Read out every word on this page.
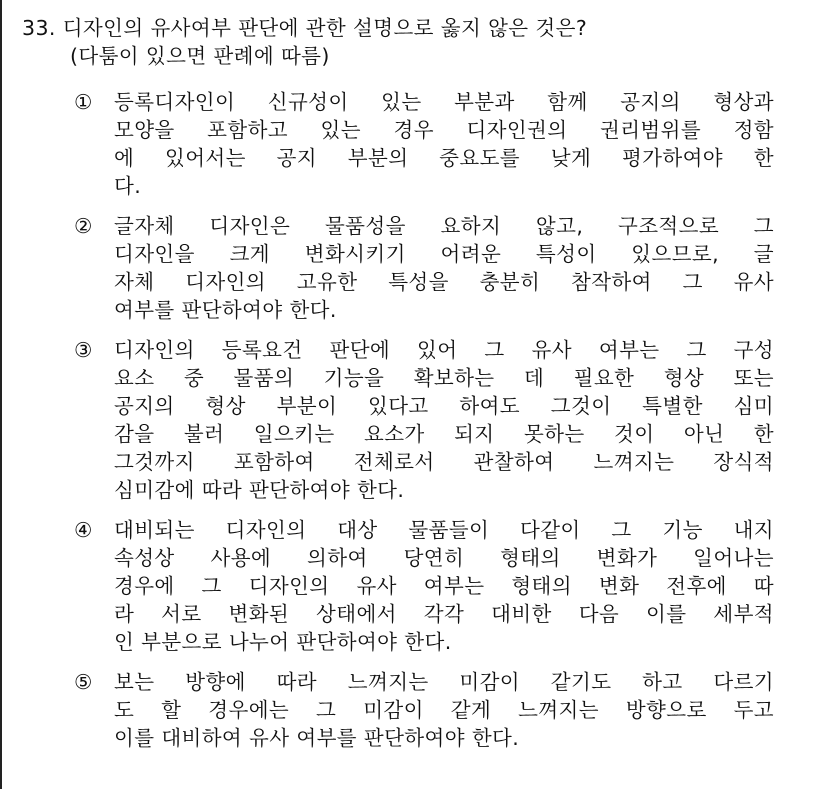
33. 디자인의 유사여부 판단에 관한 설명으로 옳지 않은 것은?
(다툼이 있으면 판례에 따름)
①	등록디자인이 신규성이 있는 부분과 함께 공지의 형상과
모양을 포함하고 있는 경우 디자인권의 권리범위를 정함
에 있어서는 공지 부분의 중요도를 낮게 평가하여야 한
다.
②	글자체 디자인은 물품성을 요하지 않고, 구조적으로 그
디자인을 크게 변화시키기 어려운 특성이 있으므로, 글
자체 디자인의 고유한 특성을 충분히 참작하여 그 유사
여부를 판단하여야 한다.
③	디자인의 등록요건 판단에 있어 그 유사 여부는 그 구성
요소 중 물품의 기능을 확보하는 데 필요한 형상 또는
공지의 형상 부분이 있다고 하여도 그것이 특별한 심미
감을 불러 일으키는 요소가 되지 못하는 것이 아닌 한
그것까지 포함하여 전체로서 관찰하여 느껴지는 장식적
심미감에 따라 판단하여야 한다.
④	대비되는 디자인의 대상 물품들이 다같이 그 기능 내지
속성상 사용에 의하여 당연히 형태의 변화가 일어나는
경우에 그 디자인의 유사 여부는 형태의 변화 전후에 따
라 서로 변화된 상태에서 각각 대비한 다음 이를 세부적
인 부분으로 나누어 판단하여야 한다.
⑤	보는 방향에 따라 느껴지는 미감이 같기도 하고 다르기
도 할 경우에는 그 미감이 같게 느껴지는 방향으로 두고
이를 대비하여 유사 여부를 판단하여야 한다.
